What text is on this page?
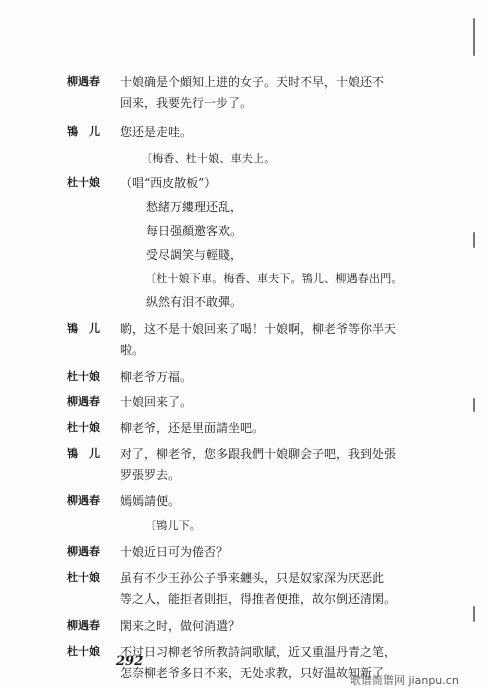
柳遇春 十娘确是个頗知上进的女子。天时不早，十娘还不
回来，我要先行一步了。
鴇　儿 您还是走哇。
〔梅香、杜十娘、車夫上。
杜十娘 （唱“西皮散板”）
愁緒万縷理还乱，
每日强顏邀客欢。
受尽調笑与輕賤，
〔杜十娘下車。梅香、車夫下。鴇儿、柳遇春出門。
纵然有泪不敢彈。
鴇　儿 喲，这不是十娘回来了喝！十娘啊，柳老爷等你半天
啦。
杜十娘 柳老爷万福。
柳遇春 十娘回来了。
杜十娘 柳老爷，还是里面請坐吧。
鴇　儿 对了，柳老爷，您多跟我們十娘聊会子吧，我到处張
罗張罗去。
柳遇春 嫣嫣請便。
〔鴇儿下。
柳遇春 十娘近日可为倦否？
杜十娘 虽有不少王孙公子爭来纏头，只是奴家深为厌恶此
等之人，能拒者則拒，得推者便推，故尔倒还清閑。
柳遇春 閑来之时，做何消遣？
杜十娘 不过日习柳老爷所教詩詞歌賦，近又重温丹青之笔，
怎奈柳老爷多日不来，无处求教，只好温故知新了。
292
歌谱简谱网 jianpu.cn
